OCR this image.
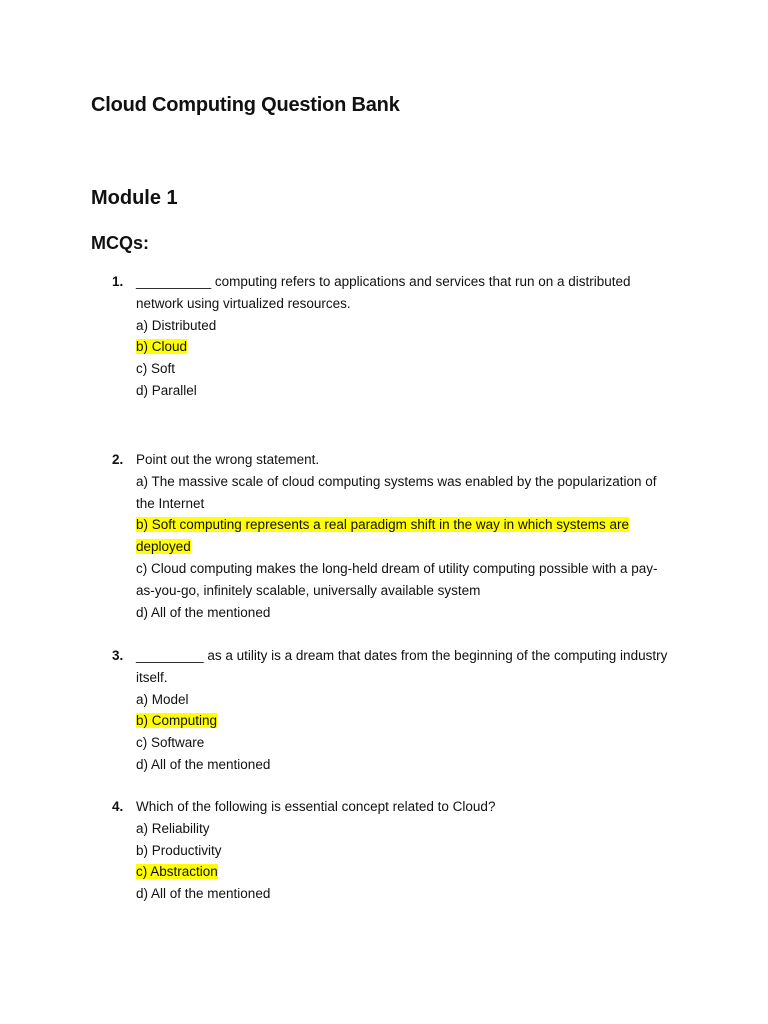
Cloud Computing Question Bank
Module 1
MCQs:
1. __________ computing refers to applications and services that run on a distributed
network using virtualized resources.
a) Distributed
b) Cloud
c) Soft
d) Parallel
2. Point out the wrong statement.
a) The massive scale of cloud computing systems was enabled by the popularization of
the Internet
b) Soft computing represents a real paradigm shift in the way in which systems are
deployed
c) Cloud computing makes the long-held dream of utility computing possible with a pay-
as-you-go, infinitely scalable, universally available system
d) All of the mentioned
3. _________ as a utility is a dream that dates from the beginning of the computing industry
itself.
a) Model
b) Computing
c) Software
d) All of the mentioned
4. Which of the following is essential concept related to Cloud?
a) Reliability
b) Productivity
c) Abstraction
d) All of the mentioned
